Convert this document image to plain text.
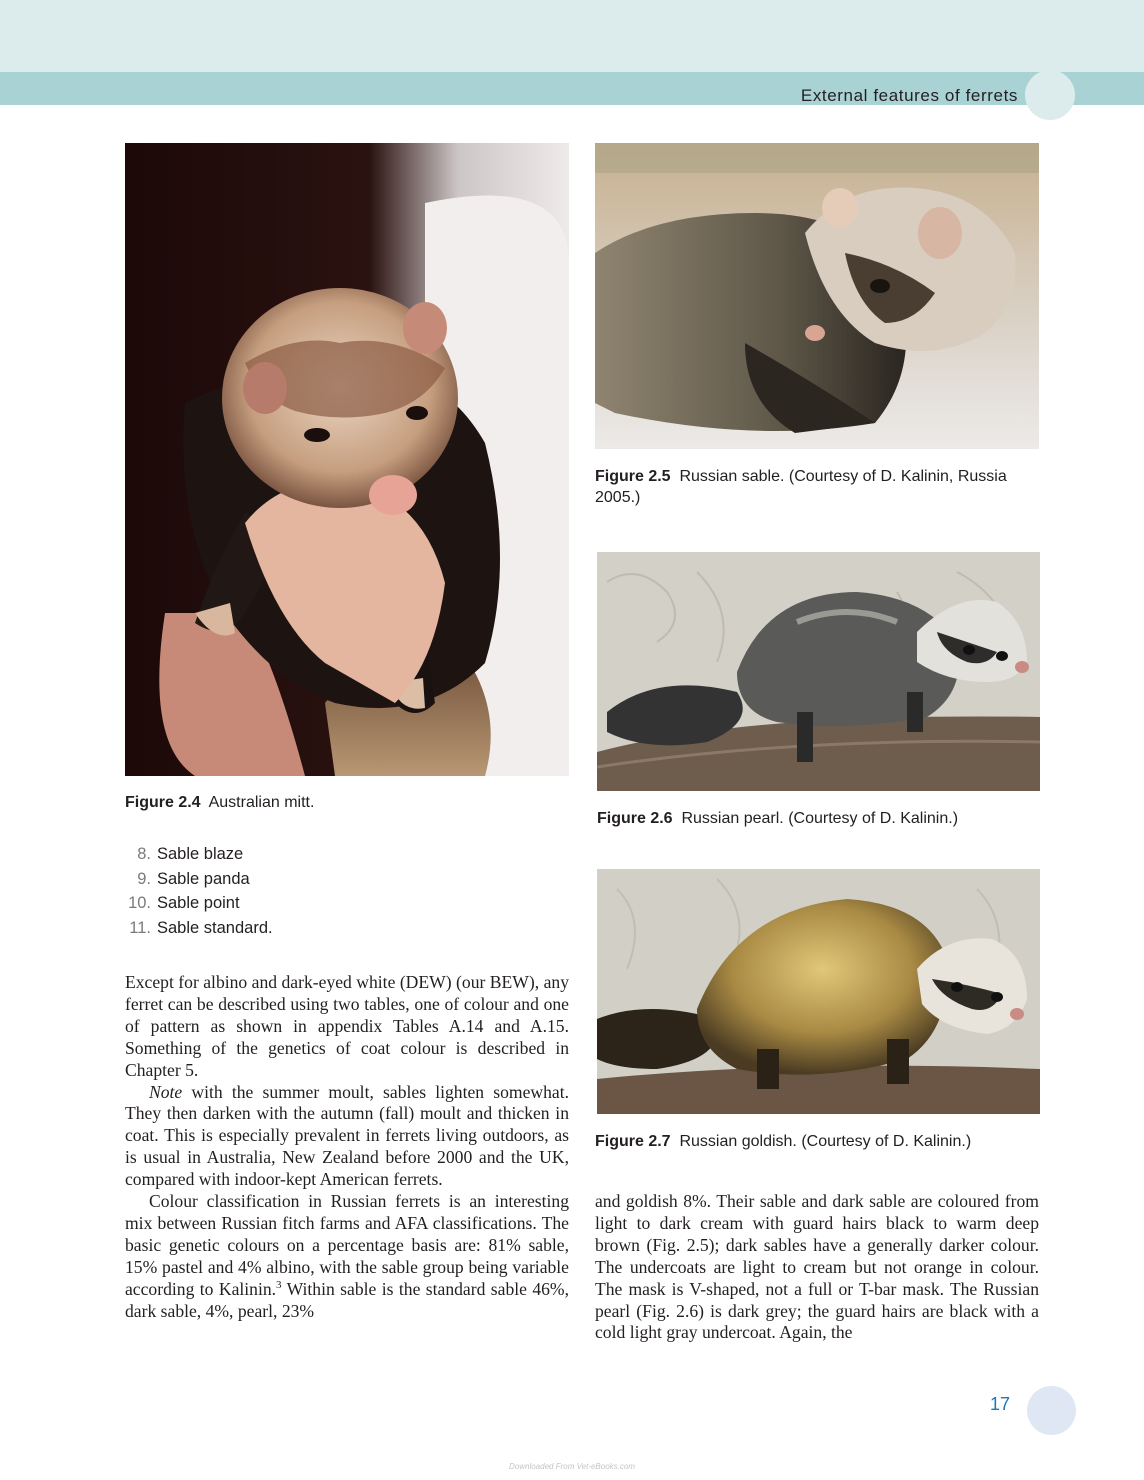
External features of ferrets
Figure 2.4 Australian mitt.
Figure 2.5 Russian sable. (Courtesy of D. Kalinin, Russia 2005.)
Figure 2.6 Russian pearl. (Courtesy of D. Kalinin.)
Figure 2.7 Russian goldish. (Courtesy of D. Kalinin.)
8. Sable blaze
9. Sable panda
10. Sable point
11. Sable standard.

Except for albino and dark-eyed white (DEW) (our BEW), any ferret can be described using two tables, one of colour and one of pattern as shown in appendix Tables A.14 and A.15. Something of the genetics of coat colour is described in Chapter 5.

Note with the summer moult, sables lighten somewhat. They then darken with the autumn (fall) moult and thicken in coat. This is especially prevalent in ferrets living outdoors, as is usual in Australia, New Zealand before 2000 and the UK, compared with indoor-kept American ferrets.

Colour classification in Russian ferrets is an interesting mix between Russian fitch farms and AFA classifications. The basic genetic colours on a percentage basis are: 81% sable, 15% pastel and 4% albino, with the sable group being variable according to Kalinin.$^3$ Within sable is the standard sable 46%, dark sable, 4%, pearl, 23%

and goldish 8%. Their sable and dark sable are coloured from light to dark cream with guard hairs black to warm deep brown (Fig. 2.5); dark sables have a generally darker colour. The undercoats are light to cream but not orange in colour. The mask is V-shaped, not a full or T-bar mask. The Russian pearl (Fig. 2.6) is dark grey; the guard hairs are black with a cold light gray undercoat. Again, the

17
Downloaded From Vet-eBooks.com
